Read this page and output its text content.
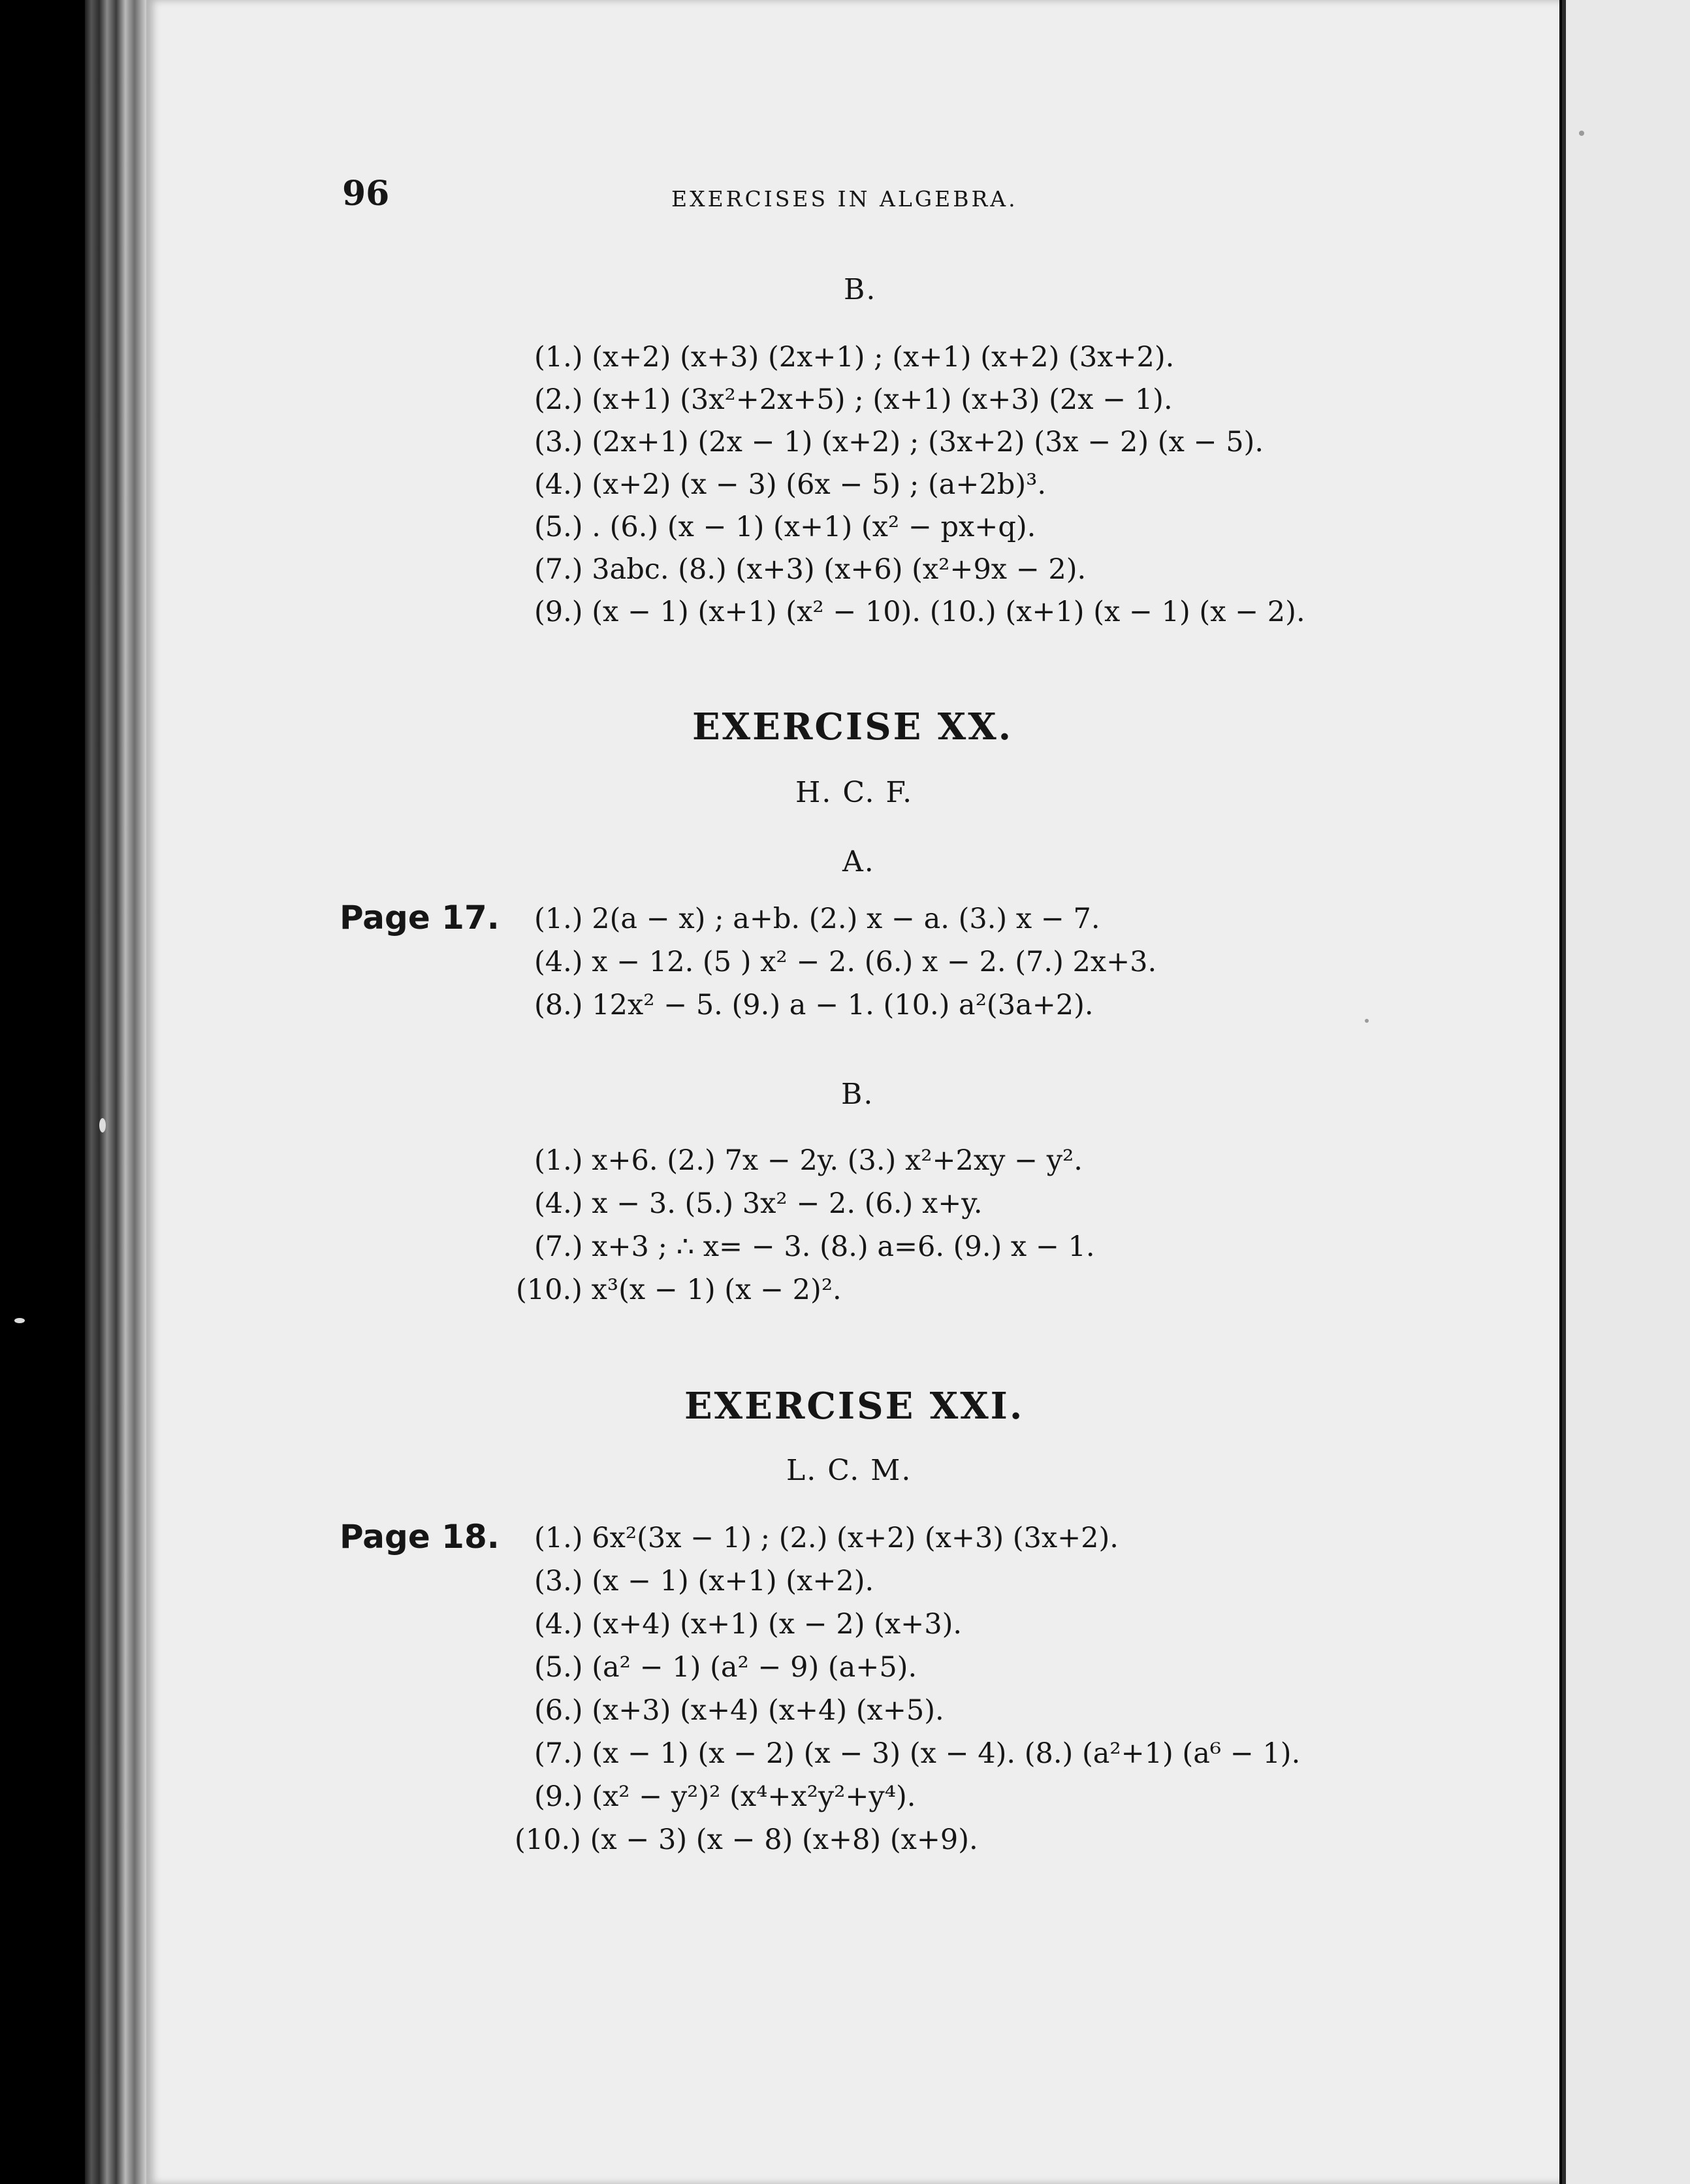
96	EXERCISES IN ALGEBRA.
B.
(1.) (x+2) (x+3) (2x+1) ; (x+1) (x+2) (3x+2).
(2.) (x+1) (3x²+2x+5) ; (x+1) (x+3) (2x − 1).
(3.) (2x+1) (2x − 1) (x+2) ; (3x+2) (3x − 2) (x − 5).
(4.) (x+2) (x − 3) (6x − 5) ; (a+2b)³.
(5.) . (6.) (x − 1) (x+1) (x² − px+q).
(7.) 3abc. (8.) (x+3) (x+6) (x²+9x − 2).
(9.) (x − 1) (x+1) (x² − 10). (10.) (x+1) (x − 1) (x − 2).
EXERCISE XX.
H. C. F.
A.
Page 17. (1.) 2(a − x) ; a+b. (2.) x − a. (3.) x − 7.
(4.) x − 12. (5 ) x² − 2. (6.) x − 2. (7.) 2x+3.
(8.) 12x² − 5. (9.) a − 1. (10.) a²(3a+2).
B.
(1.) x+6. (2.) 7x − 2y. (3.) x²+2xy − y².
(4.) x − 3. (5.) 3x² − 2. (6.) x+y.
(7.) x+3 ; ∴ x= − 3. (8.) a=6. (9.) x − 1.
(10.) x³(x − 1) (x − 2)².
EXERCISE XXI.
L. C. M.
Page 18. (1.) 6x²(3x − 1) ; (2.) (x+2) (x+3) (3x+2).
(3.) (x − 1) (x+1) (x+2).
(4.) (x+4) (x+1) (x − 2) (x+3).
(5.) (a² − 1) (a² − 9) (a+5).
(6.) (x+3) (x+4) (x+4) (x+5).
(7.) (x − 1) (x − 2) (x − 3) (x − 4). (8.) (a²+1) (a⁶ − 1).
(9.) (x² − y²)² (x⁴+x²y²+y⁴).
(10.) (x − 3) (x − 8) (x+8) (x+9).
